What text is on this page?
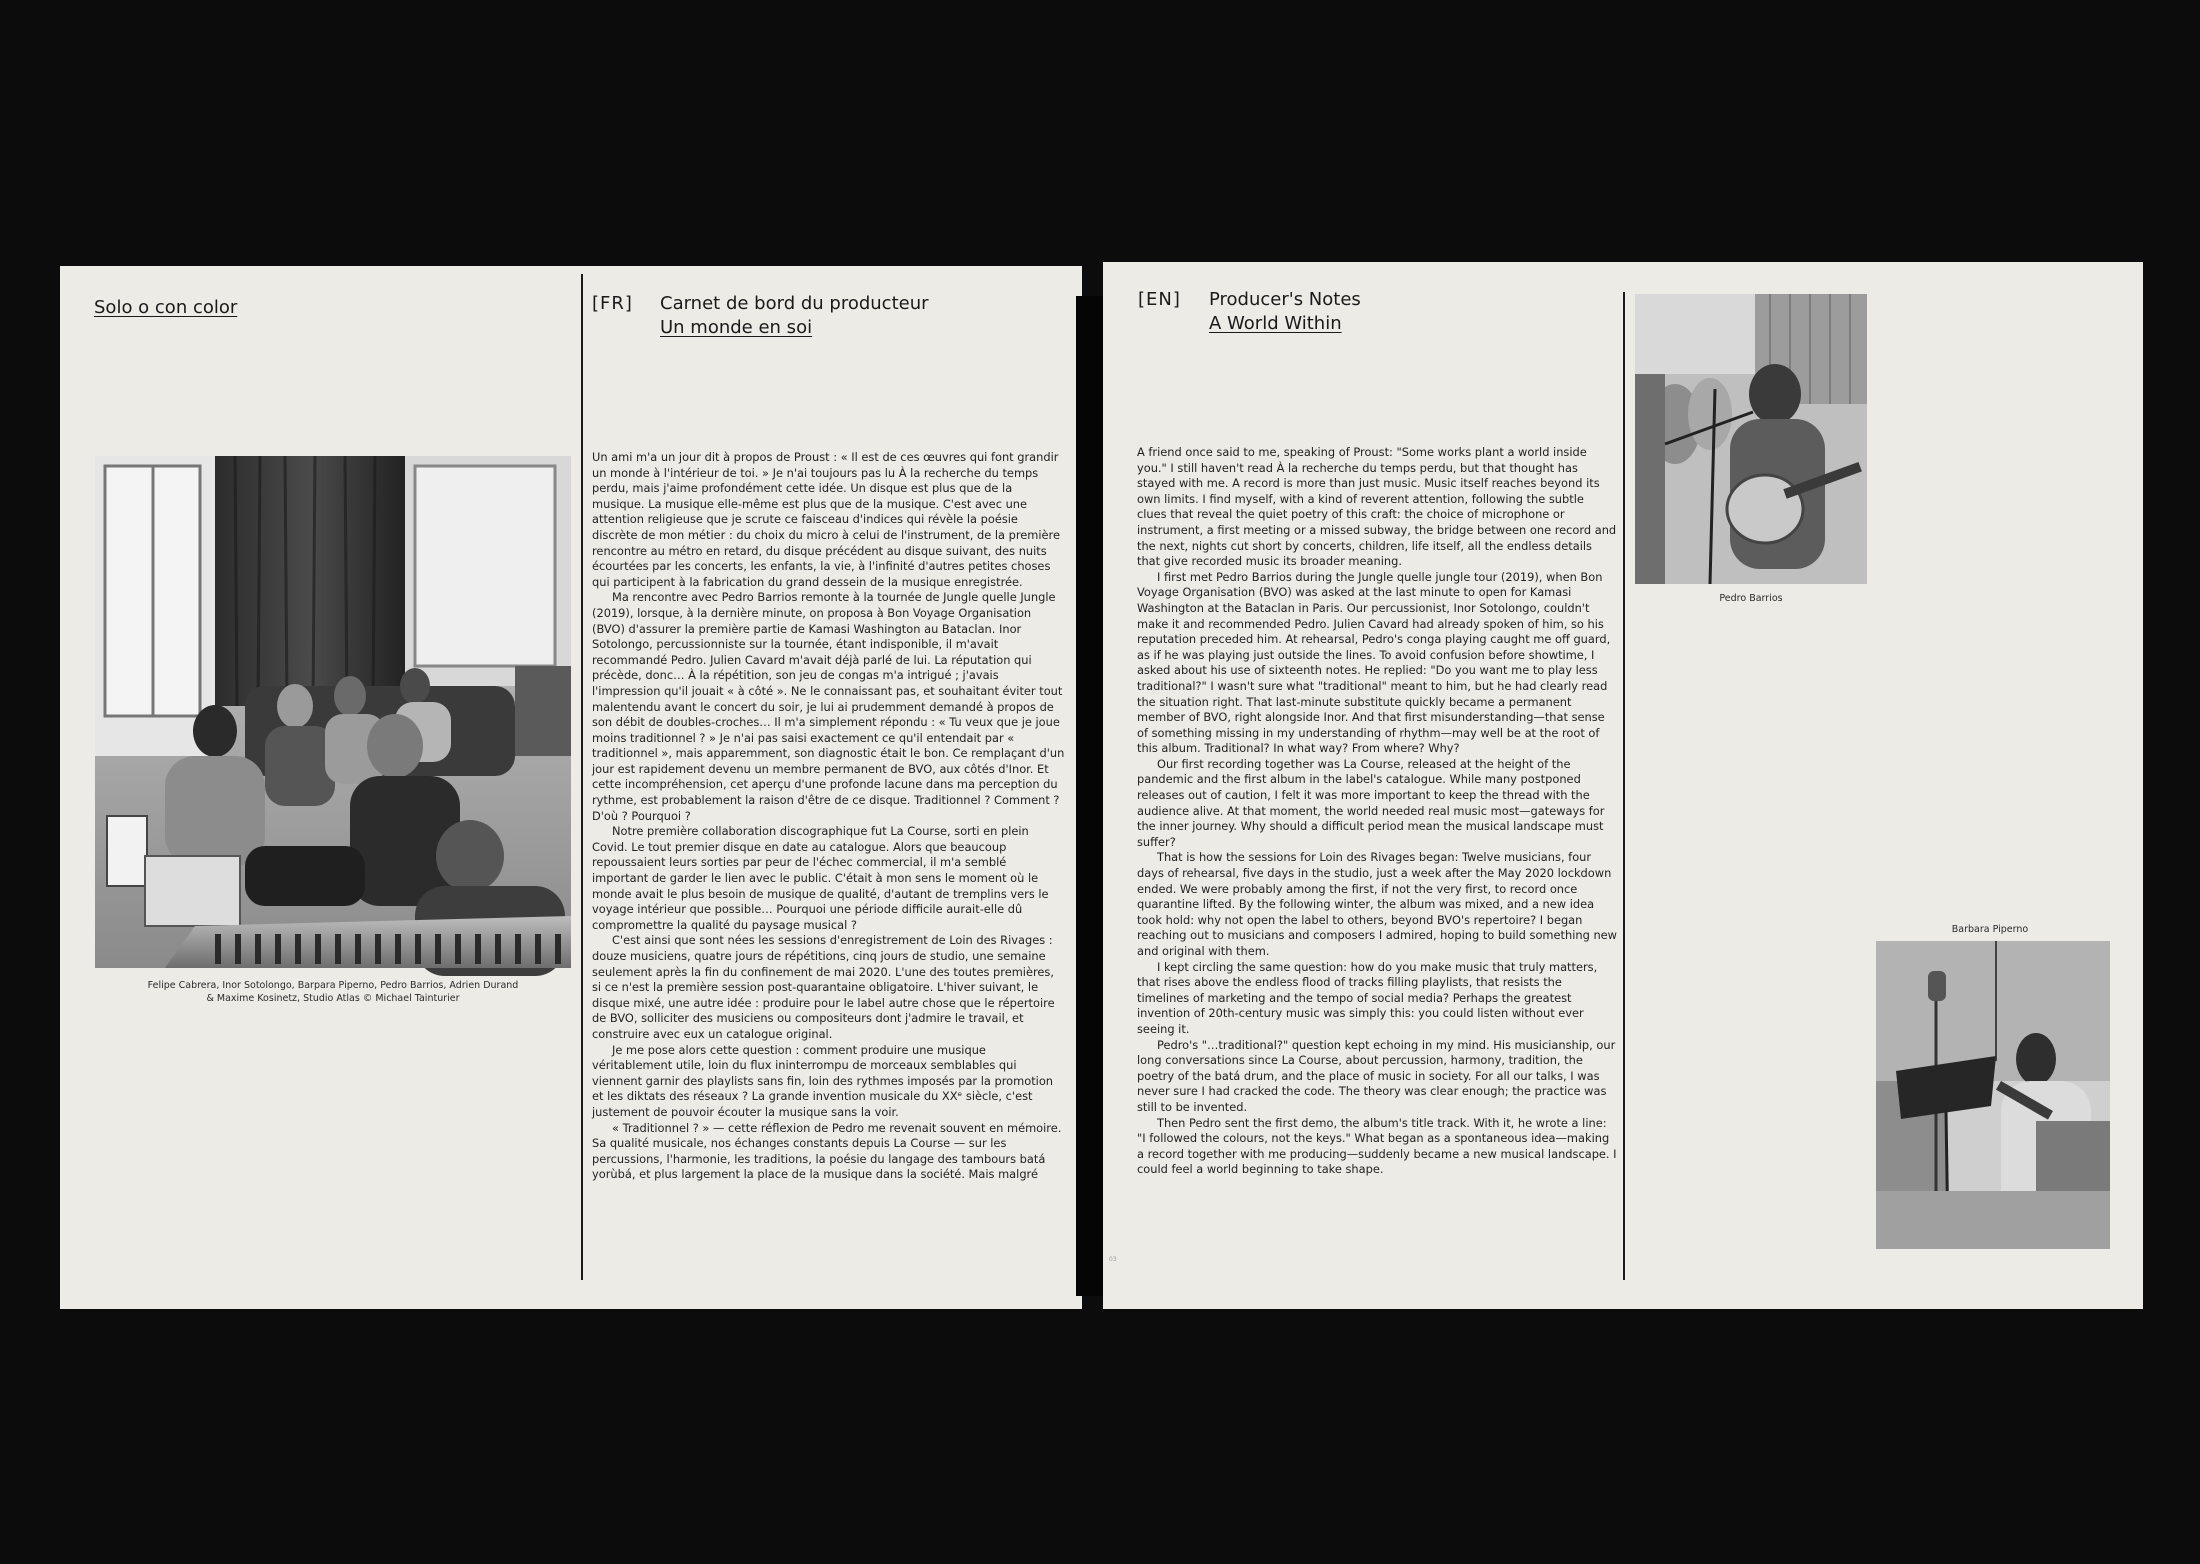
Solo o con color
Felipe Cabrera, Inor Sotolongo, Barpara Piperno, Pedro Barrios, Adrien Durand
& Maxime Kosinetz, Studio Atlas © Michael Tainturier
[FR] Carnet de bord du producteur
Un monde en soi

Un ami m'a un jour dit à propos de Proust : « Il est de ces œuvres qui font grandir un monde à l'intérieur de toi. » Je n'ai toujours pas lu À la recherche du temps perdu, mais j'aime profondément cette idée. Un disque est plus que de la musique. La musique elle-même est plus que de la musique. C'est avec une attention religieuse que je scrute ce faisceau d'indices qui révèle la poésie discrète de mon métier : du choix du micro à celui de l'instrument, de la première rencontre au métro en retard, du disque précédent au disque suivant, des nuits écourtées par les concerts, les enfants, la vie, à l'infinité d'autres petites choses qui participent à la fabrication du grand dessein de la musique enregistrée.

Ma rencontre avec Pedro Barrios remonte à la tournée de Jungle quelle Jungle (2019), lorsque, à la dernière minute, on proposa à Bon Voyage Organisation (BVO) d'assurer la première partie de Kamasi Washington au Bataclan. Inor Sotolongo, percussionniste sur la tournée, étant indisponible, il m'avait recommandé Pedro. Julien Cavard m'avait déjà parlé de lui. La réputation qui précède, donc… À la répétition, son jeu de congas m'a intrigué ; j'avais l'impression qu'il jouait « à côté ». Ne le connaissant pas, et souhaitant éviter tout malentendu avant le concert du soir, je lui ai prudemment demandé à propos de son débit de doubles-croches… Il m'a simplement répondu : « Tu veux que je joue moins traditionnel ? » Je n'ai pas saisi exactement ce qu'il entendait par « traditionnel », mais apparemment, son diagnostic était le bon. Ce remplaçant d'un jour est rapidement devenu un membre permanent de BVO, aux côtés d'Inor. Et cette incompréhension, cet aperçu d'une profonde lacune dans ma perception du rythme, est probablement la raison d'être de ce disque. Traditionnel ? Comment ? D'où ? Pourquoi ?

Notre première collaboration discographique fut La Course, sorti en plein Covid. Le tout premier disque en date au catalogue. Alors que beaucoup repoussaient leurs sorties par peur de l'échec commercial, il m'a semblé important de garder le lien avec le public. C'était à mon sens le moment où le monde avait le plus besoin de musique de qualité, d'autant de tremplins vers le voyage intérieur que possible… Pourquoi une période difficile aurait-elle dû compromettre la qualité du paysage musical ?

C'est ainsi que sont nées les sessions d'enregistrement de Loin des Rivages : douze musiciens, quatre jours de répétitions, cinq jours de studio, une semaine seulement après la fin du confinement de mai 2020. L'une des toutes premières, si ce n'est la première session post-quarantaine obligatoire. L'hiver suivant, le disque mixé, une autre idée : produire pour le label autre chose que le répertoire de BVO, solliciter des musiciens ou compositeurs dont j'admire le travail, et construire avec eux un catalogue original.

Je me pose alors cette question : comment produire une musique véritablement utile, loin du flux ininterrompu de morceaux semblables qui viennent garnir des playlists sans fin, loin des rythmes imposés par la promotion et les diktats des réseaux ? La grande invention musicale du XXᵉ siècle, c'est justement de pouvoir écouter la musique sans la voir.

« Traditionnel ? » — cette réflexion de Pedro me revenait souvent en mémoire. Sa qualité musicale, nos échanges constants depuis La Course — sur les percussions, l'harmonie, les traditions, la poésie du langage des tambours batá yorùbá, et plus largement la place de la musique dans la société. Mais malgré

03
[EN] Producer's Notes
A World Within

A friend once said to me, speaking of Proust: "Some works plant a world inside you." I still haven't read À la recherche du temps perdu, but that thought has stayed with me. A record is more than just music. Music itself reaches beyond its own limits. I find myself, with a kind of reverent attention, following the subtle clues that reveal the quiet poetry of this craft: the choice of microphone or instrument, a first meeting or a missed subway, the bridge between one record and the next, nights cut short by concerts, children, life itself, all the endless details that give recorded music its broader meaning.

I first met Pedro Barrios during the Jungle quelle jungle tour (2019), when Bon Voyage Organisation (BVO) was asked at the last minute to open for Kamasi Washington at the Bataclan in Paris. Our percussionist, Inor Sotolongo, couldn't make it and recommended Pedro. Julien Cavard had already spoken of him, so his reputation preceded him. At rehearsal, Pedro's conga playing caught me off guard, as if he was playing just outside the lines. To avoid confusion before showtime, I asked about his use of sixteenth notes. He replied: "Do you want me to play less traditional?" I wasn't sure what "traditional" meant to him, but he had clearly read the situation right. That last-minute substitute quickly became a permanent member of BVO, right alongside Inor. And that first misunderstanding—that sense of something missing in my understanding of rhythm—may well be at the root of this album. Traditional? In what way? From where? Why?

Our first recording together was La Course, released at the height of the pandemic and the first album in the label's catalogue. While many postponed releases out of caution, I felt it was more important to keep the thread with the audience alive. At that moment, the world needed real music most—gateways for the inner journey. Why should a difficult period mean the musical landscape must suffer?

That is how the sessions for Loin des Rivages began: Twelve musicians, four days of rehearsal, five days in the studio, just a week after the May 2020 lockdown ended. We were probably among the first, if not the very first, to record once quarantine lifted. By the following winter, the album was mixed, and a new idea took hold: why not open the label to others, beyond BVO's repertoire? I began reaching out to musicians and composers I admired, hoping to build something new and original with them.

I kept circling the same question: how do you make music that truly matters, that rises above the endless flood of tracks filling playlists, that resists the timelines of marketing and the tempo of social media? Perhaps the greatest invention of 20th-century music was simply this: you could listen without ever seeing it.

Pedro's "…traditional?" question kept echoing in my mind. His musicianship, our long conversations since La Course, about percussion, harmony, tradition, the poetry of the batá drum, and the place of music in society. For all our talks, I was never sure I had cracked the code. The theory was clear enough; the practice was still to be invented.

Then Pedro sent the first demo, the album's title track. With it, he wrote a line: "I followed the colours, not the keys." What began as a spontaneous idea—making a record together with me producing—suddenly became a new musical landscape. I could feel a world beginning to take shape.

Pedro Barrios
Barbara Piperno
